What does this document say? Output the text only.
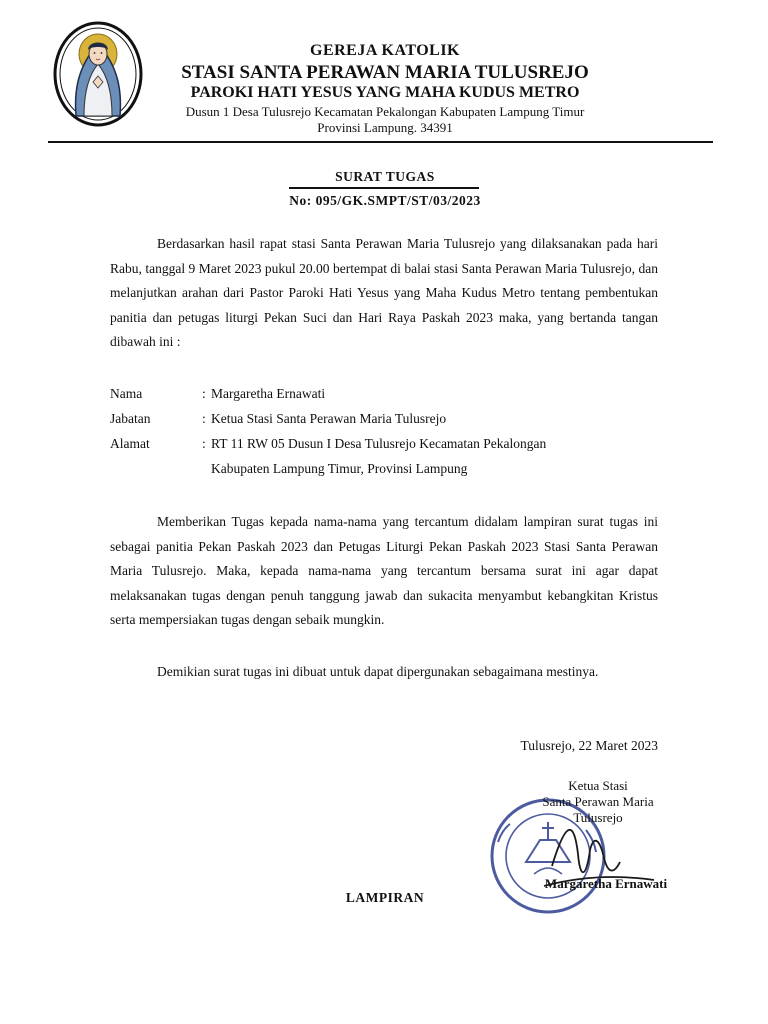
GEREJA KATOLIK
STASI SANTA PERAWAN MARIA TULUSREJO
PAROKI HATI YESUS YANG MAHA KUDUS METRO
Dusun 1 Desa Tulusrejo Kecamatan Pekalongan Kabupaten Lampung Timur
Provinsi Lampung. 34391
SURAT TUGAS
No: 095/GK.SMPT/ST/03/2023
Berdasarkan hasil rapat stasi Santa Perawan Maria Tulusrejo yang dilaksanakan pada hari Rabu, tanggal 9 Maret 2023 pukul 20.00 bertempat di balai stasi Santa Perawan Maria Tulusrejo, dan melanjutkan arahan dari Pastor Paroki Hati Yesus yang Maha Kudus Metro tentang pembentukan panitia dan petugas liturgi Pekan Suci dan Hari Raya Paskah 2023 maka, yang bertanda tangan dibawah ini :
Nama	: Margaretha Ernawati
Jabatan	: Ketua Stasi Santa Perawan Maria Tulusrejo
Alamat	: RT 11 RW 05 Dusun I Desa Tulusrejo Kecamatan Pekalongan
Kabupaten Lampung Timur, Provinsi Lampung
Memberikan Tugas kepada nama-nama yang tercantum didalam lampiran surat tugas ini sebagai panitia Pekan Paskah 2023 dan Petugas Liturgi Pekan Paskah 2023 Stasi Santa Perawan Maria Tulusrejo. Maka, kepada nama-nama yang tercantum bersama surat ini agar dapat melaksanakan tugas dengan penuh tanggung jawab dan sukacita menyambut kebangkitan Kristus serta mempersiakan tugas dengan sebaik mungkin.
Demikian surat tugas ini dibuat untuk dapat dipergunakan sebagaimana mestinya.
Tulusrejo, 22 Maret 2023
Ketua Stasi
Santa Perawan Maria
Tulusrejo
Margaretha Ernawati
LAMPIRAN
